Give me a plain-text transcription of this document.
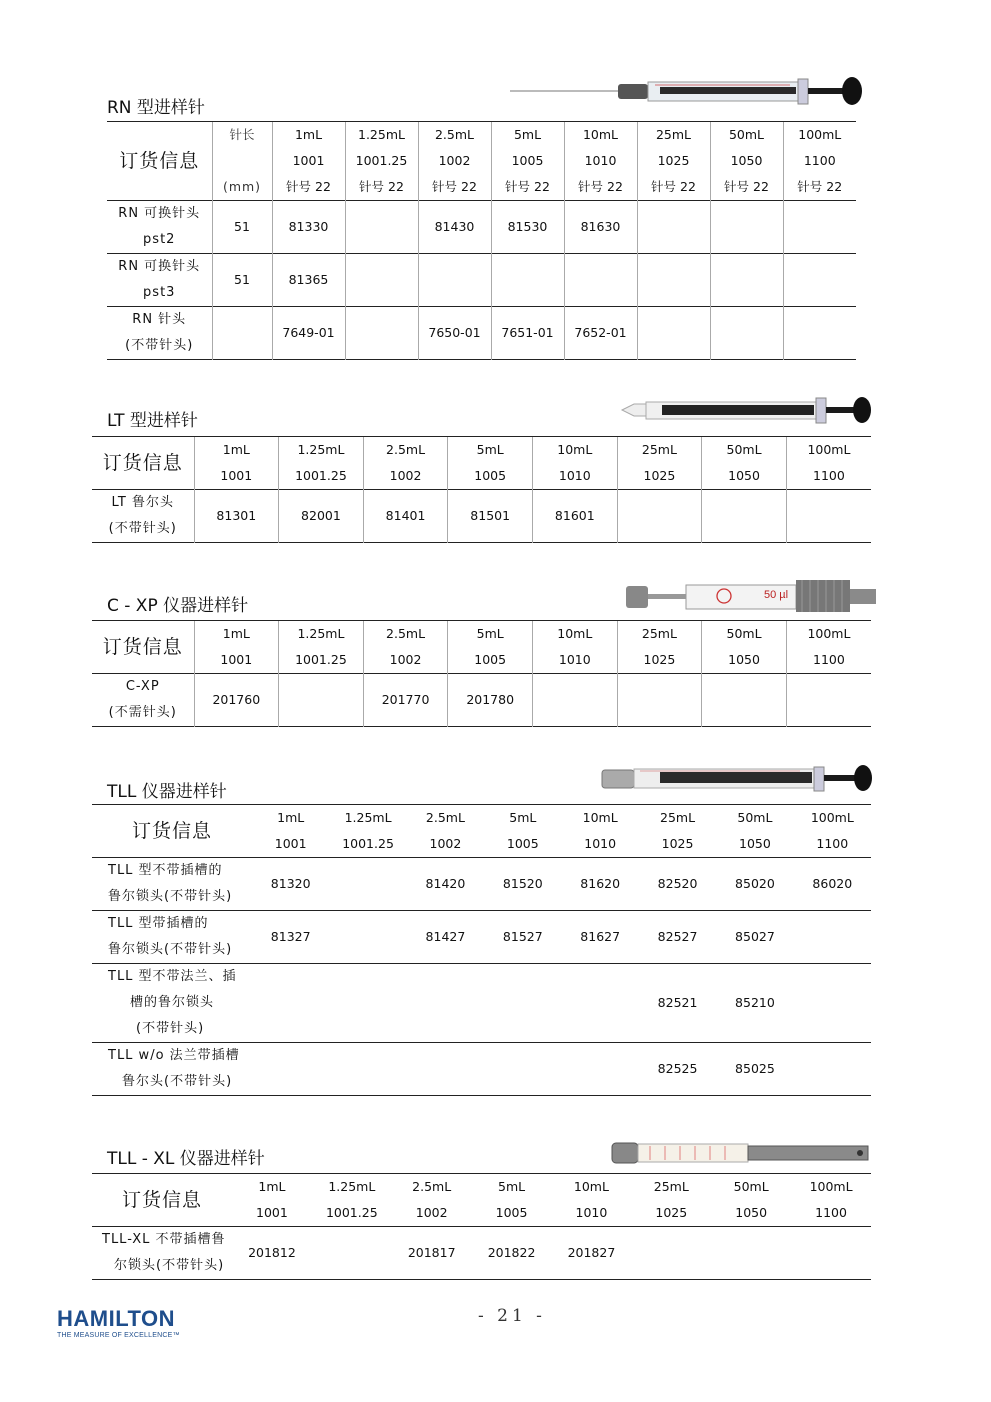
RN 型进样针
订货信息	针长	1mL	1.25mL	2.5mL	5mL	10mL	25mL	50mL	100mL
		1001	1001.25	1002	1005	1010	1025	1050	1100
	(mm)	针号 22	针号 22	针号 22	针号 22	针号 22	针号 22	针号 22	针号 22

RN 可换针头
pst2	51	81330		81430	81530	81630			

RN 可换针头
pst3	51	81365							

RN 针头
(不带针头)		7649-01		7650-01	7651-01	7652-01			
LT 型进样针
订货信息	1mL	1.25mL	2.5mL	5mL	10mL	25mL	50mL	100mL
	1001	1001.25	1002	1005	1010	1025	1050	1100

LT 鲁尔头
(不带针头)	81301	82001	81401	81501	81601			
C - XP 仪器进样针
50 µl
订货信息	1mL	1.25mL	2.5mL	5mL	10mL	25mL	50mL	100mL
	1001	1001.25	1002	1005	1010	1025	1050	1100

C-XP
(不需针头)	201760		201770	201780				
TLL 仪器进样针
订货信息	1mL	1.25mL	2.5mL	5mL	10mL	25mL	50mL	100mL
	1001	1001.25	1002	1005	1010	1025	1050	1100

TLL 型不带插槽的
鲁尔锁头(不带针头)	81320		81420	81520	81620	82520	85020	86020

TLL 型带插槽的
鲁尔锁头(不带针头)	81327		81427	81527	81627	82527	85027	

TLL 型不带法兰、插
槽的鲁尔锁头
(不带针头)						82521	85210	

TLL w/o 法兰带插槽
鲁尔头(不带针头)						82525	85025	
TLL - XL 仪器进样针
订货信息	1mL	1.25mL	2.5mL	5mL	10mL	25mL	50mL	100mL
	1001	1001.25	1002	1005	1010	1025	1050	1100

TLL-XL 不带插槽鲁
尔锁头(不带针头)	201812		201817	201822	201827			
HAMILTON
THE MEASURE OF EXCELLENCE™
- 21 -
